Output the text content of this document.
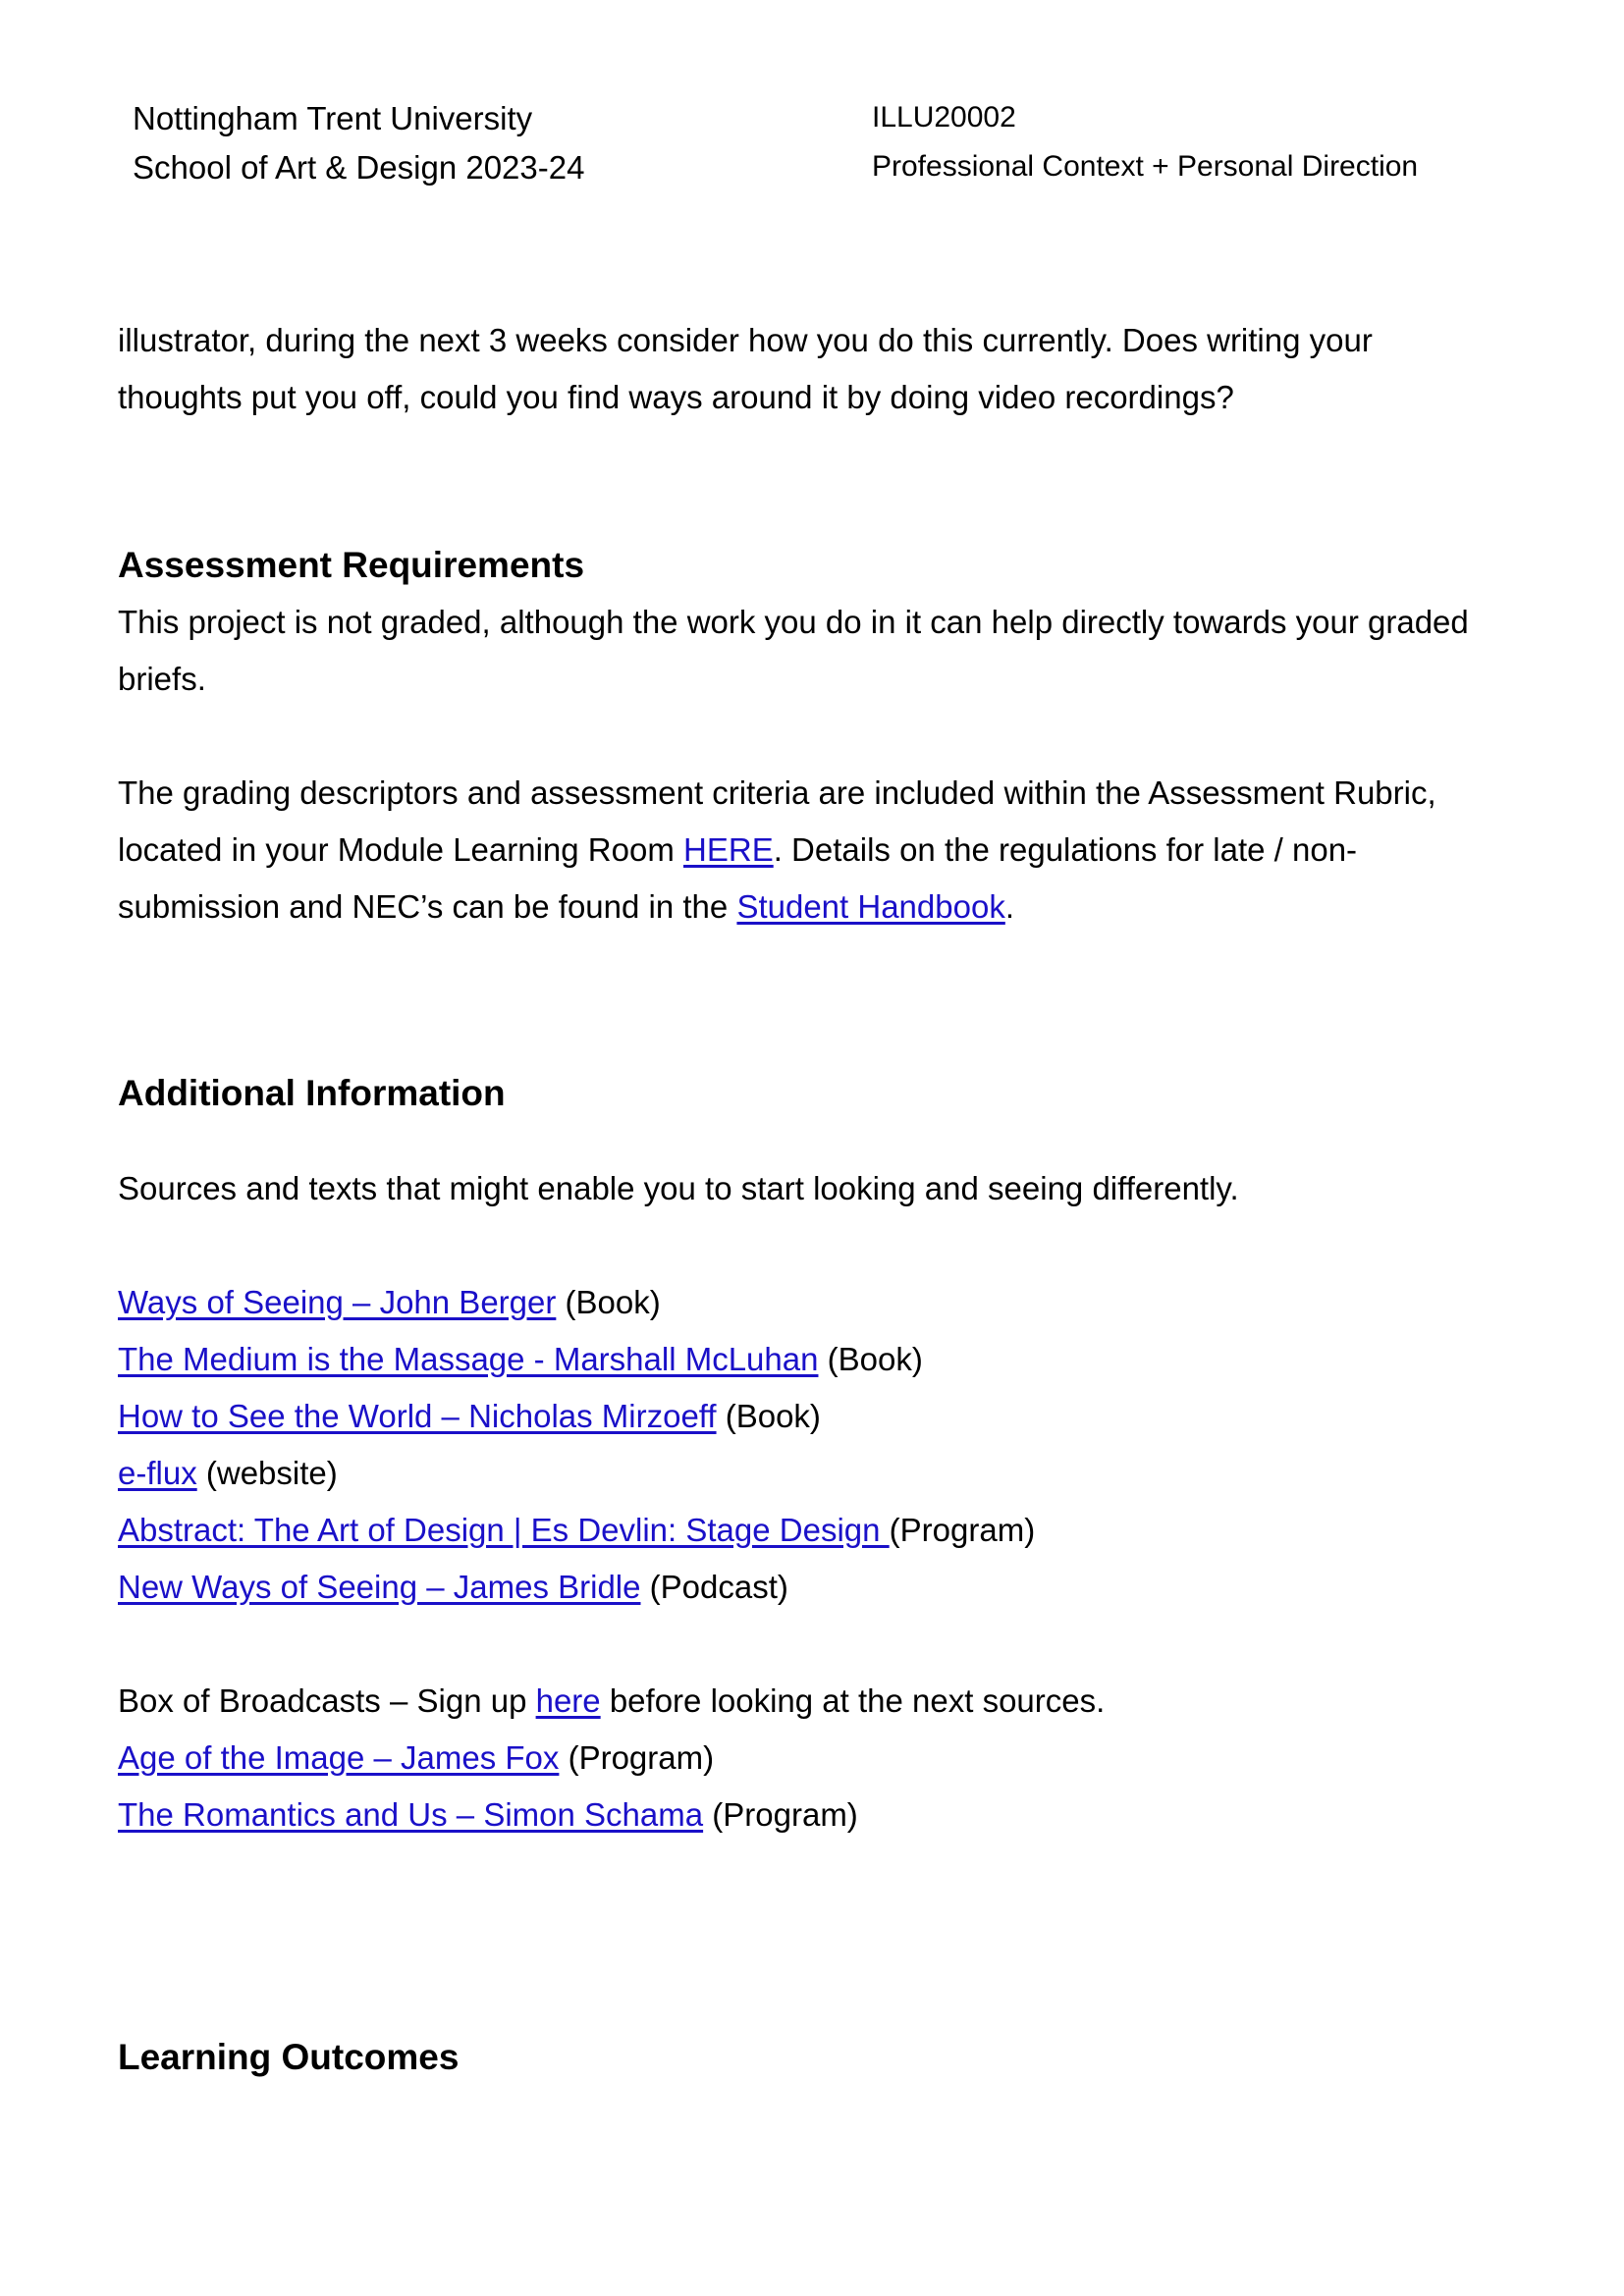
Nottingham Trent University
School of Art & Design 2023-24
ILLU20002
Professional Context + Personal Direction
illustrator, during the next 3 weeks consider how you do this currently. Does writing your
thoughts put you off, could you find ways around it by doing video recordings?
Assessment Requirements
This project is not graded, although the work you do in it can help directly towards your graded
briefs.
The grading descriptors and assessment criteria are included within the Assessment Rubric,
located in your Module Learning Room HERE. Details on the regulations for late / non-
submission and NEC’s can be found in the Student Handbook.
Additional Information
Sources and texts that might enable you to start looking and seeing differently.
Ways of Seeing – John Berger (Book)
The Medium is the Massage - Marshall McLuhan (Book)
How to See the World – Nicholas Mirzoeff (Book)
e-flux (website)
Abstract: The Art of Design | Es Devlin: Stage Design (Program)
New Ways of Seeing – James Bridle (Podcast)
Box of Broadcasts – Sign up here before looking at the next sources.
Age of the Image – James Fox (Program)
The Romantics and Us – Simon Schama (Program)
Learning Outcomes
